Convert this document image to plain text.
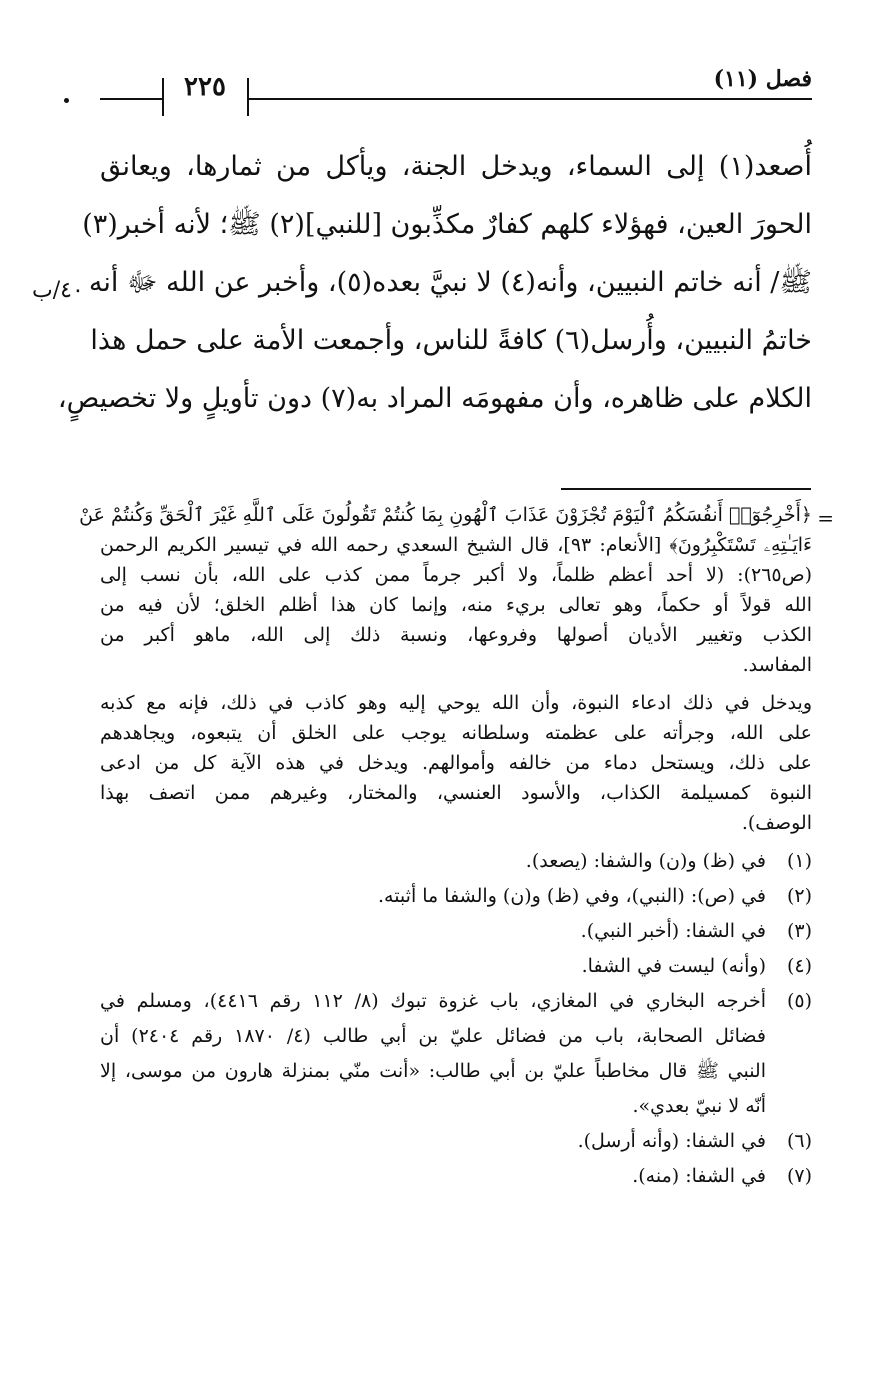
٢٢٥	فصل (١١)
٤٠/ب
أُصعد(١) إلى السماء، ويدخل الجنة، ويأكل من ثمارها، ويعانق
الحورَ العين، فهؤلاء كلهم كفارٌ مكذِّبون [للنبي](٢) ﷺ؛ لأنه أخبر(٣)
ﷺ/ أنه خاتم النبيين، وأنه(٤) لا نبيَّ بعده(٥)، وأخبر عن الله ﷻ أنه
خاتمُ النبيين، وأُرسل(٦) كافةً للناس، وأجمعت الأمة على حمل هذا
الكلام على ظاهره، وأن مفهومَه المراد به(٧) دون تأويلٍ ولا تخصيصٍ،
=
﴿أَخْرِجُوٓا۟ أَنفُسَكُمُ ٱلْيَوْمَ تُجْزَوْنَ عَذَابَ ٱلْهُونِ بِمَا كُنتُمْ تَقُولُونَ عَلَى ٱللَّهِ غَيْرَ ٱلْحَقِّ وَكُنتُمْ عَنْ
ءَايَـٰتِهِۦ تَسْتَكْبِرُونَ﴾ [الأنعام: ٩٣]، قال الشيخ السعدي رحمه الله في تيسير الكريم الرحمن
(ص٢٦٥): (لا أحد أعظم ظلماً، ولا أكبر جرماً ممن كذب على الله، بأن نسب إلى
الله قولاً أو حكماً، وهو تعالى بريء منه، وإنما كان هذا أظلم الخلق؛ لأن فيه من
الكذب وتغيير الأديان أصولها وفروعها، ونسبة ذلك إلى الله، ماهو أكبر من
المفاسد.
ويدخل في ذلك ادعاء النبوة، وأن الله يوحي إليه وهو كاذب في ذلك، فإنه مع كذبه
على الله، وجرأته على عظمته وسلطانه يوجب على الخلق أن يتبعوه، ويجاهدهم
على ذلك، ويستحل دماء من خالفه وأموالهم. ويدخل في هذه الآية كل من ادعى
النبوة كمسيلمة الكذاب، والأسود العنسي، والمختار، وغيرهم ممن اتصف بهذا
الوصف).
(١)
في (ظ) و(ن) والشفا: (يصعد).
(٢)
في (ص): (النبي)، وفي (ظ) و(ن) والشفا ما أثبته.
(٣)
في الشفا: (أخبر النبي).
(٤)
(وأنه) ليست في الشفا.
(٥)
أخرجه البخاري في المغازي، باب غزوة تبوك (٨/ ١١٢ رقم ٤٤١٦)، ومسلم في
فضائل الصحابة، باب من فضائل عليّ بن أبي طالب (٤/ ١٨٧٠ رقم ٢٤٠٤) أن
النبي ﷺ قال مخاطباً عليّ بن أبي طالب: «أنت منّي بمنزلة هارون من موسى، إلا
أنّه لا نبيّ بعدي».
(٦)
في الشفا: (وأنه أرسل).
(٧)
في الشفا: (منه).
